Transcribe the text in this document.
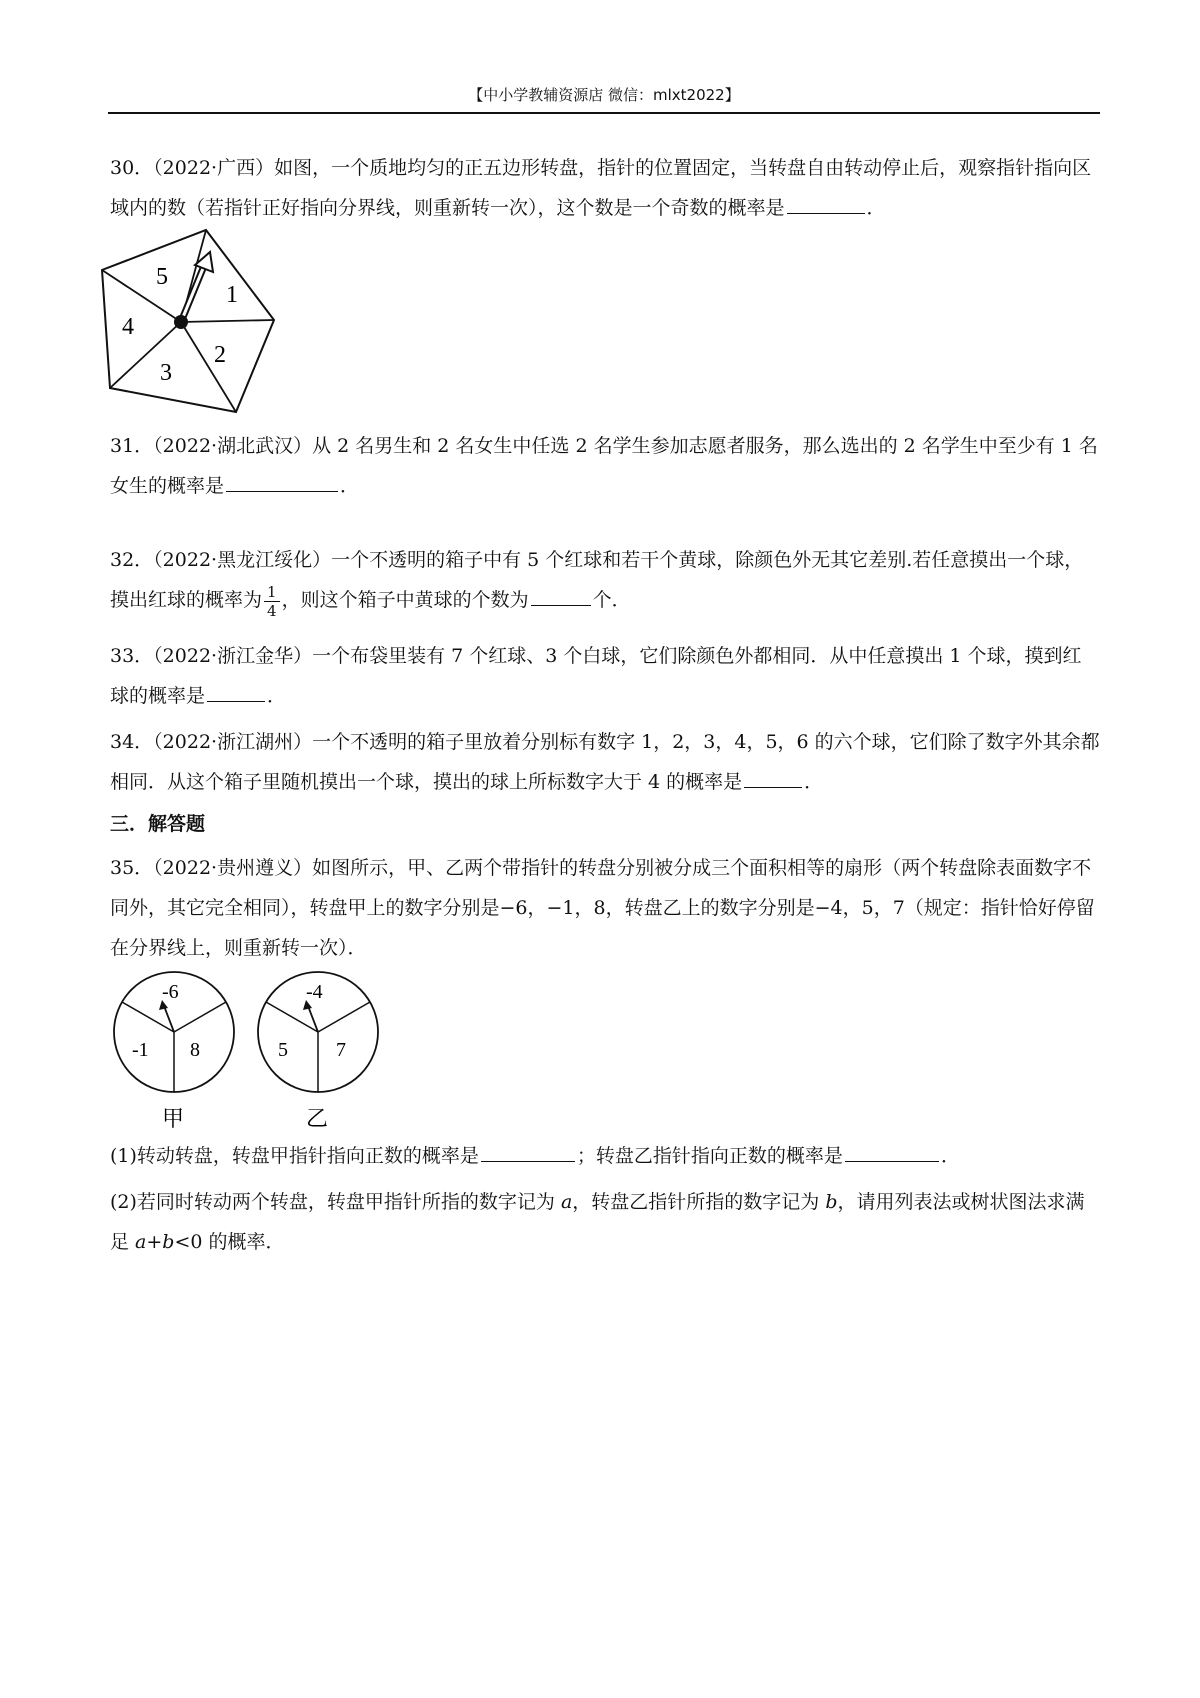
【中小学教辅资源店 微信：mlxt2022】

30．（2022·广西）如图，一个质地均匀的正五边形转盘，指针的位置固定，当转盘自由转动停止后，观察指针指向区域内的数（若指针正好指向分界线，则重新转一次），这个数是一个奇数的概率是	．

5
1
4
2
3

31．（2022·湖北武汉）从 2 名男生和 2 名女生中任选 2 名学生参加志愿者服务，那么选出的 2 名学生中至少有 1 名女生的概率是	．

32．（2022·黑龙江绥化）一个不透明的箱子中有 5 个红球和若干个黄球，除颜色外无其它差别.若任意摸出一个球，摸出红球的概率为 $\frac{1}{4}$ ，则这个箱子中黄球的个数为	个．

33．（2022·浙江金华）一个布袋里装有 7 个红球、3 个白球，它们除颜色外都相同．从中任意摸出 1 个球，摸到红球的概率是	．

34．（2022·浙江湖州）一个不透明的箱子里放着分别标有数字 1，2，3，4，5，6 的六个球，它们除了数字外其余都相同．从这个箱子里随机摸出一个球，摸出的球上所标数字大于 4 的概率是	．

三．解答题

35．（2022·贵州遵义）如图所示，甲、乙两个带指针的转盘分别被分成三个面积相等的扇形（两个转盘除表面数字不同外，其它完全相同），转盘甲上的数字分别是−6，−1，8，转盘乙上的数字分别是−4，5，7（规定：指针恰好停留在分界线上，则重新转一次）．

-6
-1 8
甲
-4
5 7
乙

(1)转动转盘，转盘甲指针指向正数的概率是	；转盘乙指针指向正数的概率是	．

(2)若同时转动两个转盘，转盘甲指针所指的数字记为 a，转盘乙指针所指的数字记为 b，请用列表法或树状图法求满足 a+b<0 的概率．
